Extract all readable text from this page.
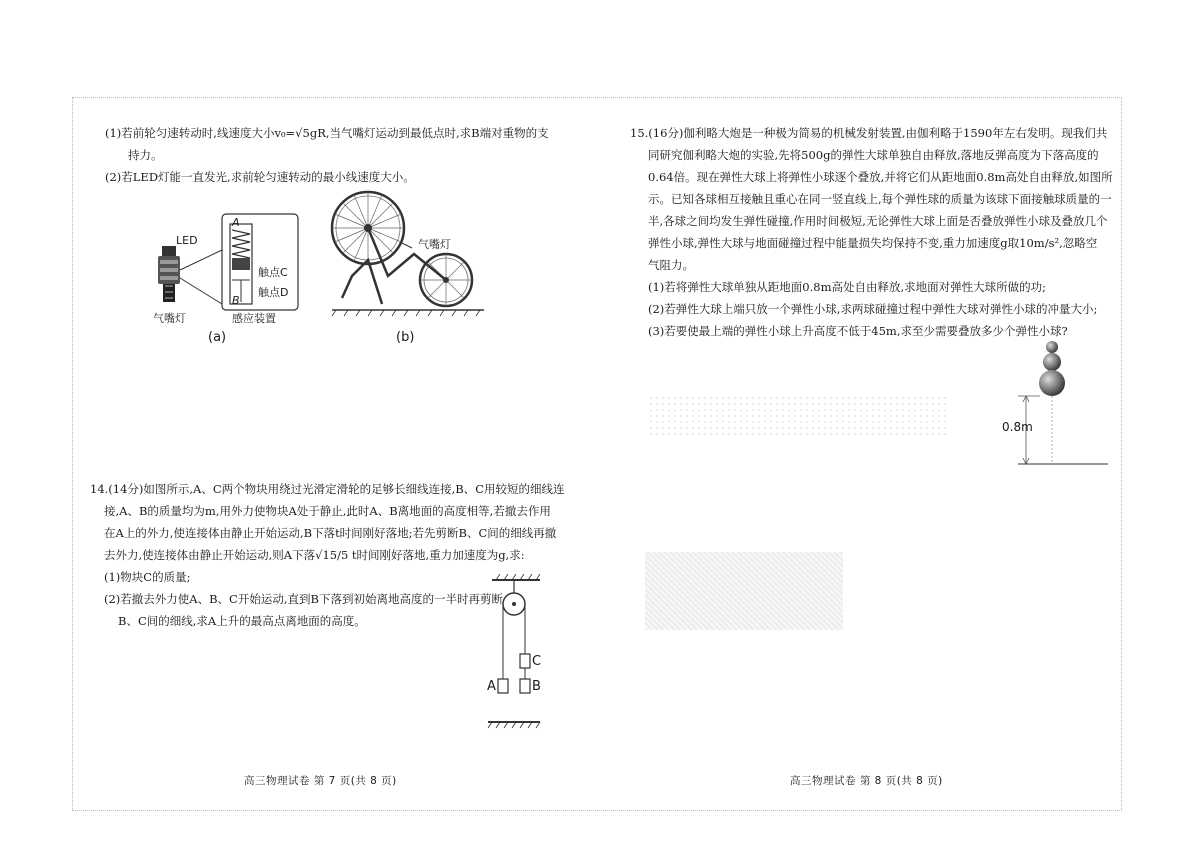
(1)若前轮匀速转动时,线速度大小v₀=√5gR,当气嘴灯运动到最低点时,求B端对重物的支
持力。
(2)若LED灯能一直发光,求前轮匀速转动的最小线速度大小。
LED
A
B
触点C
触点D
气嘴灯	感应装置
(a)
气嘴灯
(b)
14.(14分)如图所示,A、C两个物块用绕过光滑定滑轮的足够长细线连接,B、C用较短的细线连
接,A、B的质量均为m,用外力使物块A处于静止,此时A、B离地面的高度相等,若撤去作用
在A上的外力,使连接体由静止开始运动,B下落t时间刚好落地;若先剪断B、C间的细线再撤
去外力,使连接体由静止开始运动,则A下落√15/5 t时间刚好落地,重力加速度为g,求:
(1)物块C的质量;
(2)若撤去外力使A、B、C开始运动,直到B下落到初始离地高度的一半时再剪断
B、C间的细线,求A上升的最高点离地面的高度。
C
A	B
高三物理试卷 第 7 页(共 8 页)
15.(16分)伽利略大炮是一种极为简易的机械发射装置,由伽利略于1590年左右发明。现我们共
同研究伽利略大炮的实验,先将500g的弹性大球单独自由释放,落地反弹高度为下落高度的
0.64倍。现在弹性大球上将弹性小球逐个叠放,并将它们从距地面0.8m高处自由释放,如图所
示。已知各球相互接触且重心在同一竖直线上,每个弹性球的质量为该球下面接触球质量的一
半,各球之间均发生弹性碰撞,作用时间极短,无论弹性大球上面是否叠放弹性小球及叠放几个
弹性小球,弹性大球与地面碰撞过程中能量损失均保持不变,重力加速度g取10m/s²,忽略空
气阻力。
(1)若将弹性大球单独从距地面0.8m高处自由释放,求地面对弹性大球所做的功;
(2)若弹性大球上端只放一个弹性小球,求两球碰撞过程中弹性大球对弹性小球的冲量大小;
(3)若要使最上端的弹性小球上升高度不低于45m,求至少需要叠放多少个弹性小球?
0.8m
高三物理试卷 第 8 页(共 8 页)
